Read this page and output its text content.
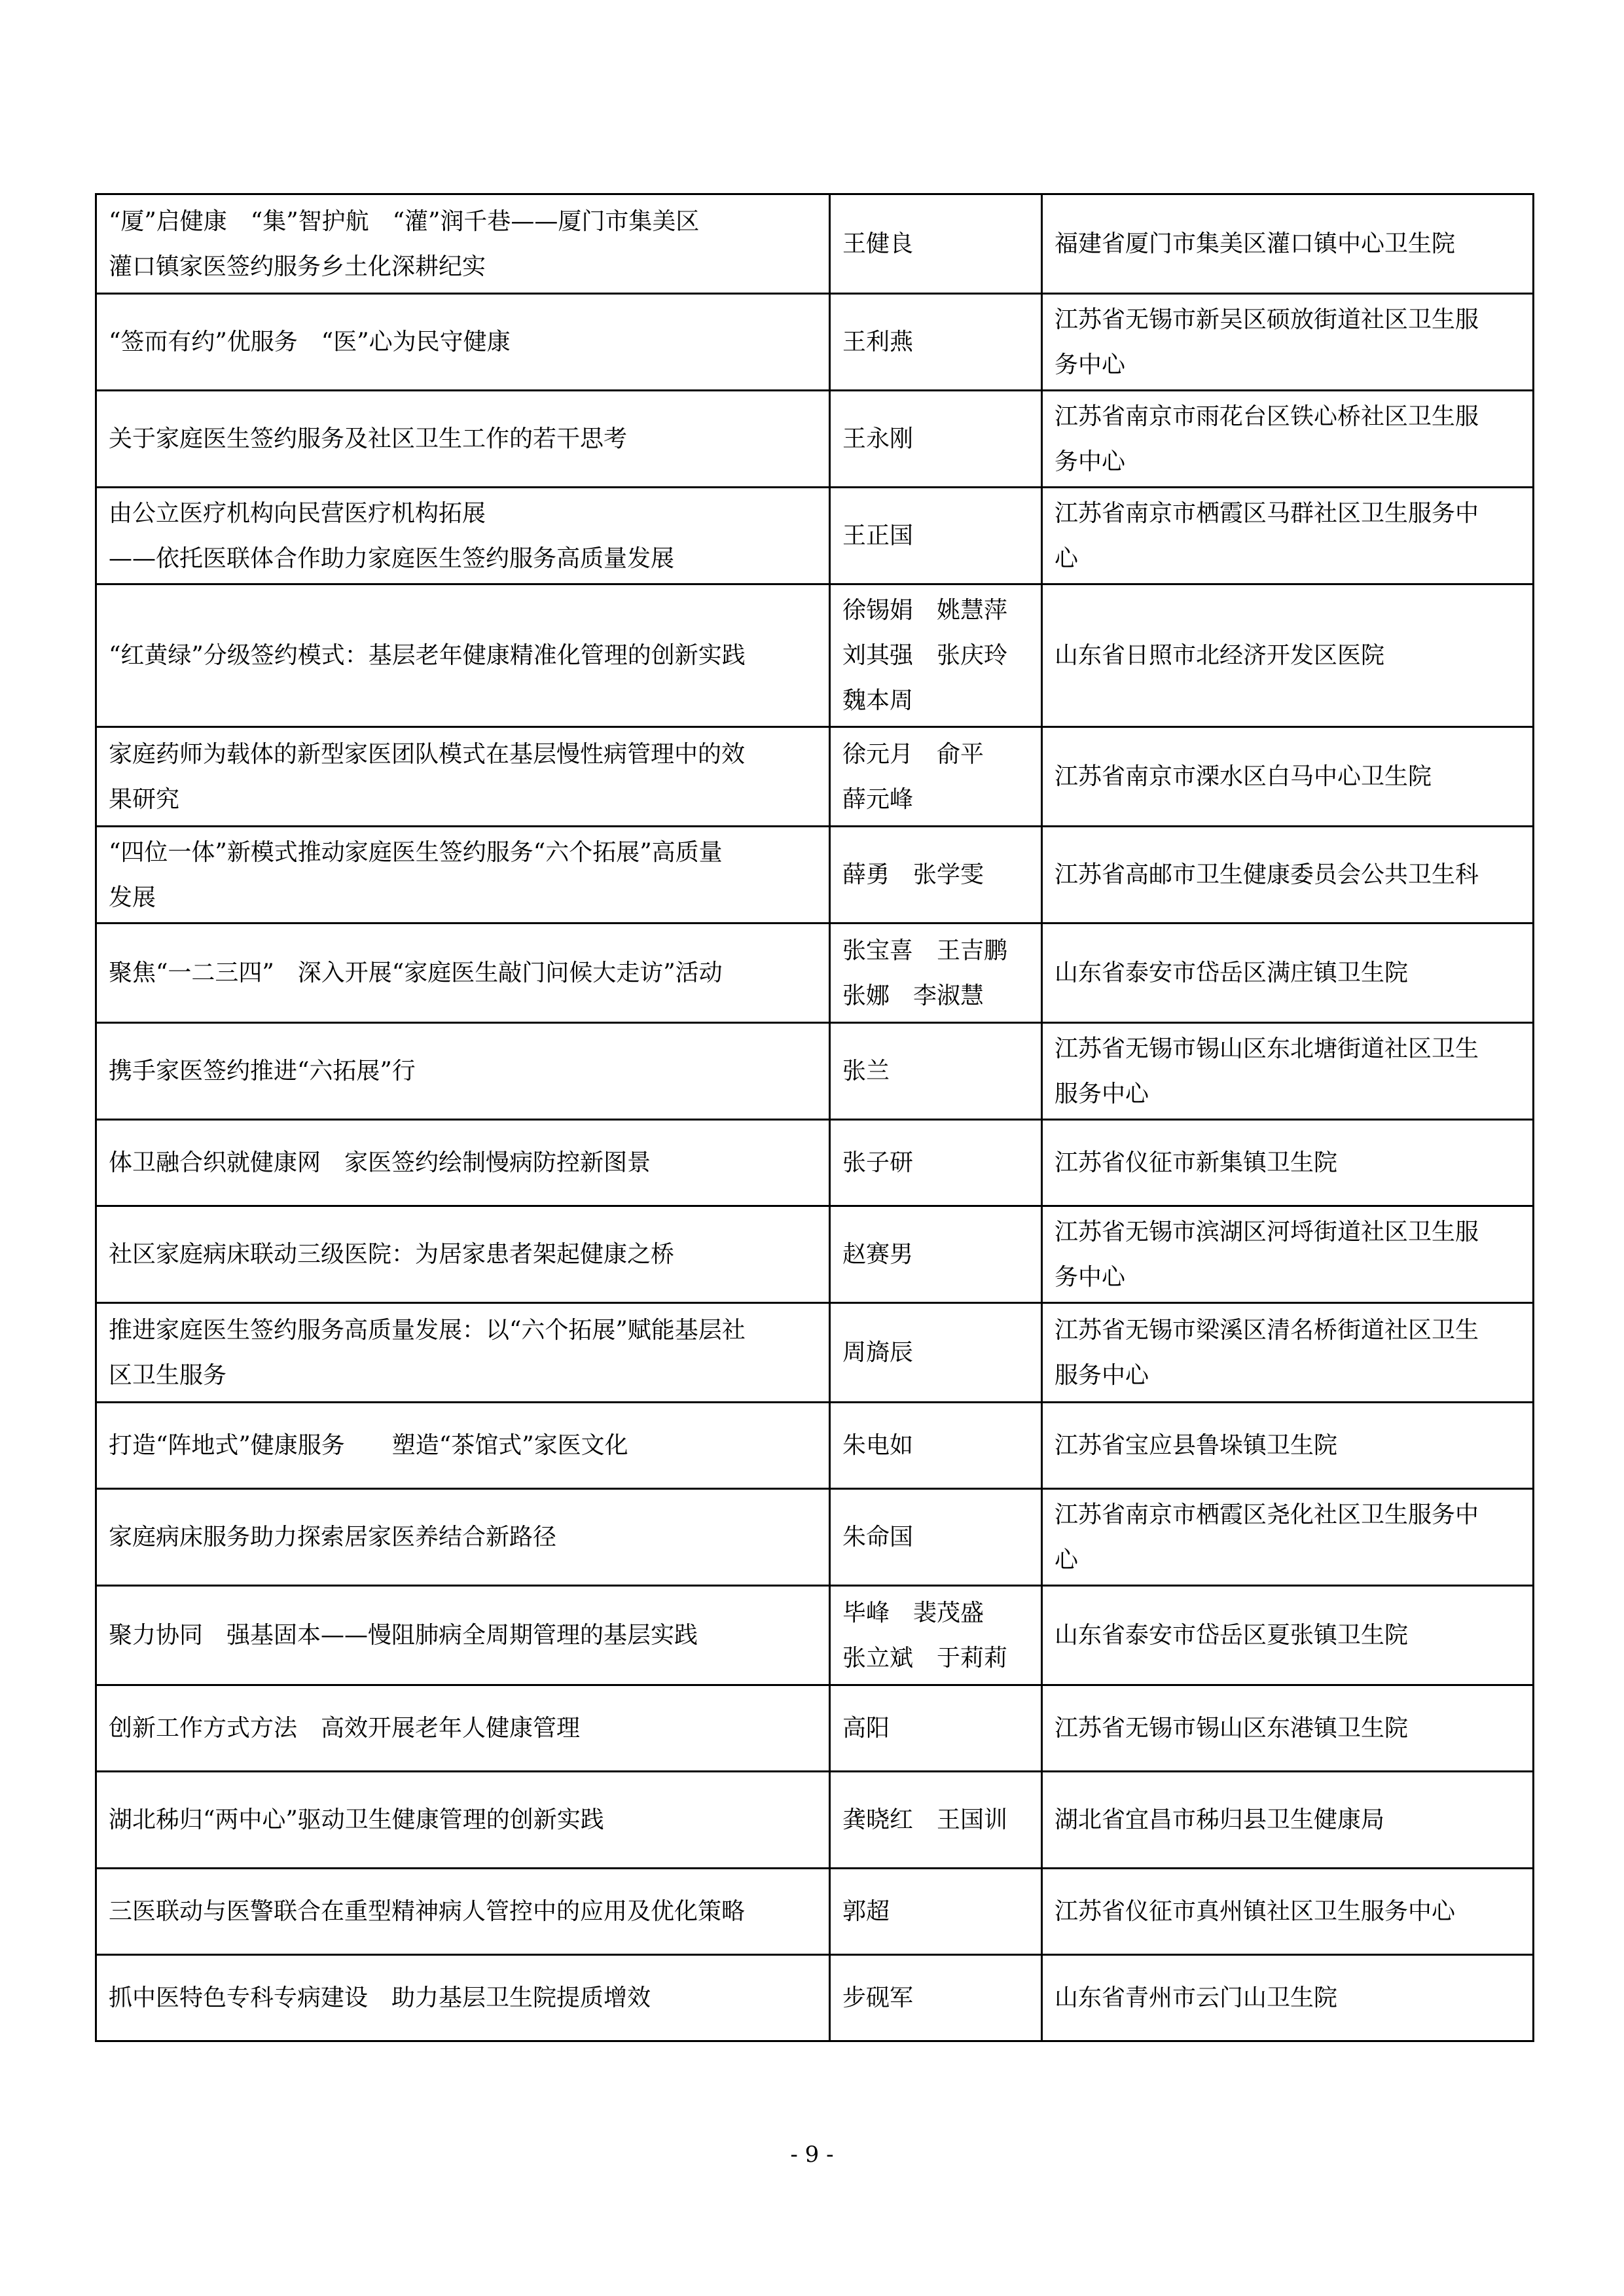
“厦”启健康　“集”智护航　“灌”润千巷——厦门市集美区
灌口镇家医签约服务乡土化深耕纪实	王健良	福建省厦门市集美区灌口镇中心卫生院

“签而有约”优服务　“医”心为民守健康	王利燕	江苏省无锡市新吴区硕放街道社区卫生服
务中心

关于家庭医生签约服务及社区卫生工作的若干思考	王永刚	江苏省南京市雨花台区铁心桥社区卫生服
务中心

由公立医疗机构向民营医疗机构拓展
——依托医联体合作助力家庭医生签约服务高质量发展	王正国	江苏省南京市栖霞区马群社区卫生服务中
心

“红黄绿”分级签约模式：基层老年健康精准化管理的创新实践	徐锡娟　姚慧萍
刘其强　张庆玲
魏本周	山东省日照市北经济开发区医院

家庭药师为载体的新型家医团队模式在基层慢性病管理中的效
果研究	徐元月　俞平
薛元峰	江苏省南京市溧水区白马中心卫生院

“四位一体”新模式推动家庭医生签约服务“六个拓展”高质量
发展	薛勇　张学雯	江苏省高邮市卫生健康委员会公共卫生科

聚焦“一二三四”　深入开展“家庭医生敲门问候大走访”活动	张宝喜　王吉鹏
张娜　李淑慧	山东省泰安市岱岳区满庄镇卫生院

携手家医签约推进“六拓展”行	张兰	江苏省无锡市锡山区东北塘街道社区卫生
服务中心

体卫融合织就健康网　家医签约绘制慢病防控新图景	张子研	江苏省仪征市新集镇卫生院

社区家庭病床联动三级医院：为居家患者架起健康之桥	赵赛男	江苏省无锡市滨湖区河埒街道社区卫生服
务中心

推进家庭医生签约服务高质量发展：以“六个拓展”赋能基层社
区卫生服务	周旖辰	江苏省无锡市梁溪区清名桥街道社区卫生
服务中心

打造“阵地式”健康服务　　塑造“茶馆式”家医文化	朱电如	江苏省宝应县鲁垛镇卫生院

家庭病床服务助力探索居家医养结合新路径	朱命国	江苏省南京市栖霞区尧化社区卫生服务中
心

聚力协同　强基固本——慢阻肺病全周期管理的基层实践	毕峰　裴茂盛
张立斌　于莉莉	山东省泰安市岱岳区夏张镇卫生院

创新工作方式方法　高效开展老年人健康管理	高阳	江苏省无锡市锡山区东港镇卫生院

湖北秭归“两中心”驱动卫生健康管理的创新实践	龚晓红　王国训	湖北省宜昌市秭归县卫生健康局

三医联动与医警联合在重型精神病人管控中的应用及优化策略	郭超	江苏省仪征市真州镇社区卫生服务中心

抓中医特色专科专病建设　助力基层卫生院提质增效	步砚军	山东省青州市云门山卫生院
- 9 -
